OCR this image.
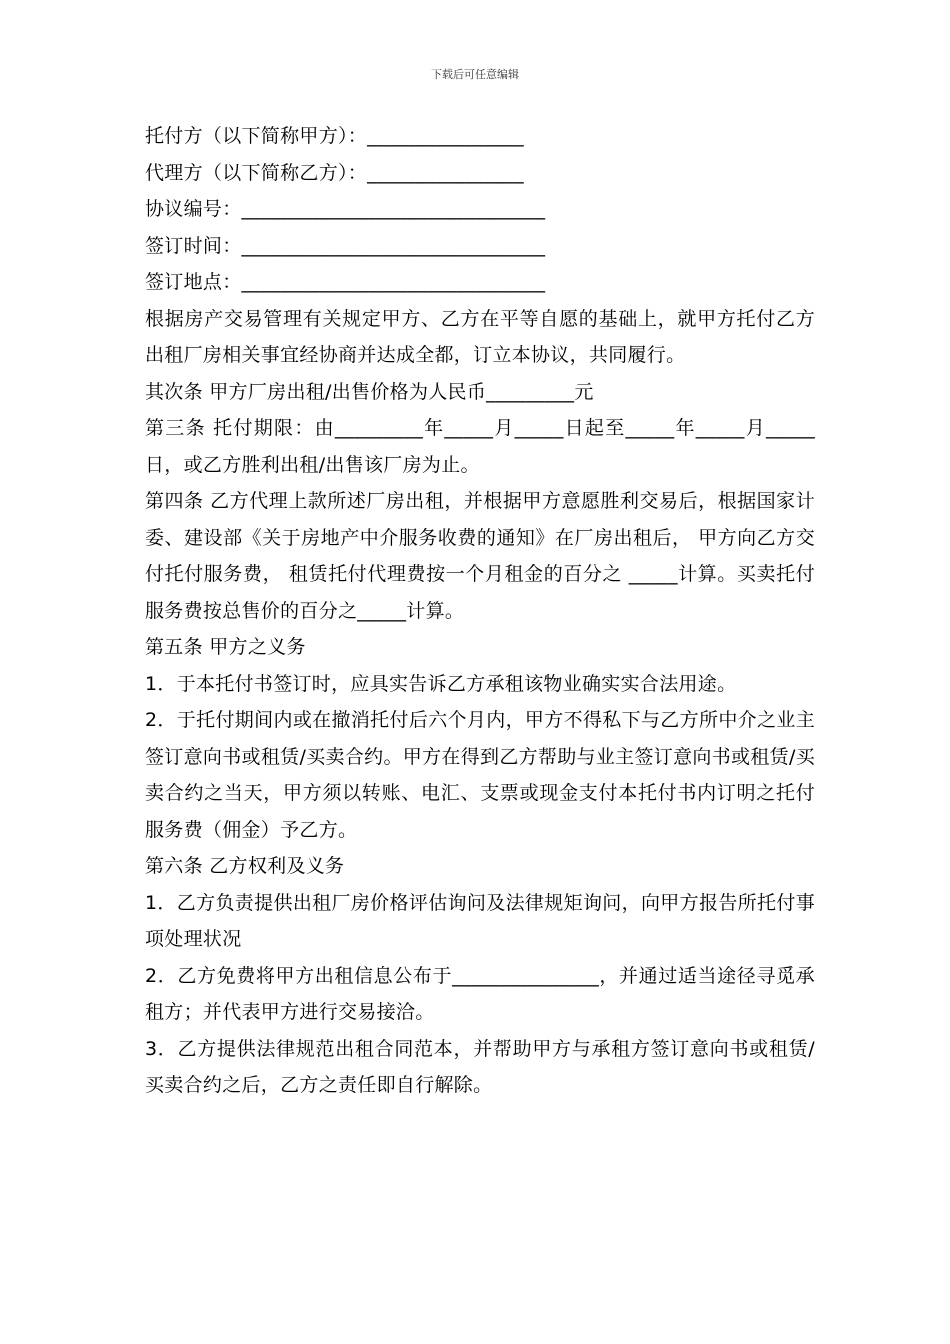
下载后可任意编辑

托付方（以下简称甲方）：________________

代理方（以下简称乙方）：________________

协议编号：_______________________________

签订时间：_______________________________

签订地点：_______________________________

根据房产交易管理有关规定甲方、乙方在平等自愿的基础上，就甲方托付乙方出租厂房相关事宜经协商并达成全都，订立本协议，共同履行。

其次条 甲方厂房出租/出售价格为人民币_________元

第三条 托付期限：由_________年_____月_____日起至_____年_____月_____日，或乙方胜利出租/出售该厂房为止。

第四条 乙方代理上款所述厂房出租，并根据甲方意愿胜利交易后，根据国家计委、建设部《关于房地产中介服务收费的通知》在厂房出租后， 甲方向乙方交付托付服务费， 租赁托付代理费按一个月租金的百分之 _____计算。买卖托付服务费按总售价的百分之_____计算。

第五条 甲方之义务

1．于本托付书签订时，应具实告诉乙方承租该物业确实实合法用途。

2．于托付期间内或在撤消托付后六个月内，甲方不得私下与乙方所中介之业主签订意向书或租赁/买卖合约。甲方在得到乙方帮助与业主签订意向书或租赁/买卖合约之当天，甲方须以转账、电汇、支票或现金支付本托付书内订明之托付服务费（佣金）予乙方。

第六条 乙方权利及义务

1．乙方负责提供出租厂房价格评估询问及法律规矩询问，向甲方报告所托付事项处理状况

2．乙方免费将甲方出租信息公布于_______________，并通过适当途径寻觅承租方；并代表甲方进行交易接洽。

3．乙方提供法律规范出租合同范本，并帮助甲方与承租方签订意向书或租赁/买卖合约之后，乙方之责任即自行解除。
